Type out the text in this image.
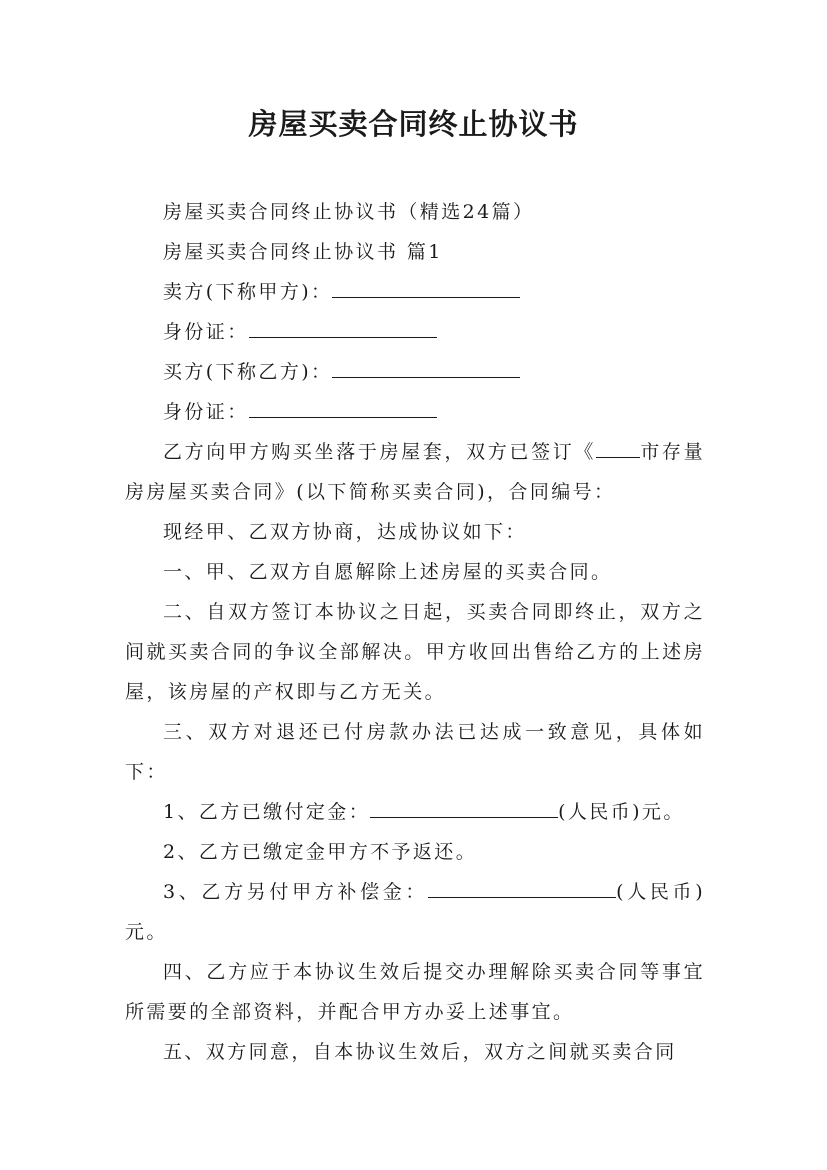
房屋买卖合同终止协议书

房屋买卖合同终止协议书（精选24篇）

房屋买卖合同终止协议书 篇1

卖方(下称甲方)：

身份证：

买方(下称乙方)：

身份证：

乙方向甲方购买坐落于房屋套，双方已签订《 市存量房房屋买卖合同》(以下简称买卖合同)，合同编号：

现经甲、乙双方协商，达成协议如下：

一、甲、乙双方自愿解除上述房屋的买卖合同。

二、自双方签订本协议之日起，买卖合同即终止，双方之间就买卖合同的争议全部解决。甲方收回出售给乙方的上述房屋，该房屋的产权即与乙方无关。

三、双方对退还已付房款办法已达成一致意见，具体如下：

1、乙方已缴付定金：	(人民币)元。

2、乙方已缴定金甲方不予返还。

3、乙方另付甲方补偿金：	(人民币)元。

四、乙方应于本协议生效后提交办理解除买卖合同等事宜所需要的全部资料，并配合甲方办妥上述事宜。

五、双方同意，自本协议生效后，双方之间就买卖合同
